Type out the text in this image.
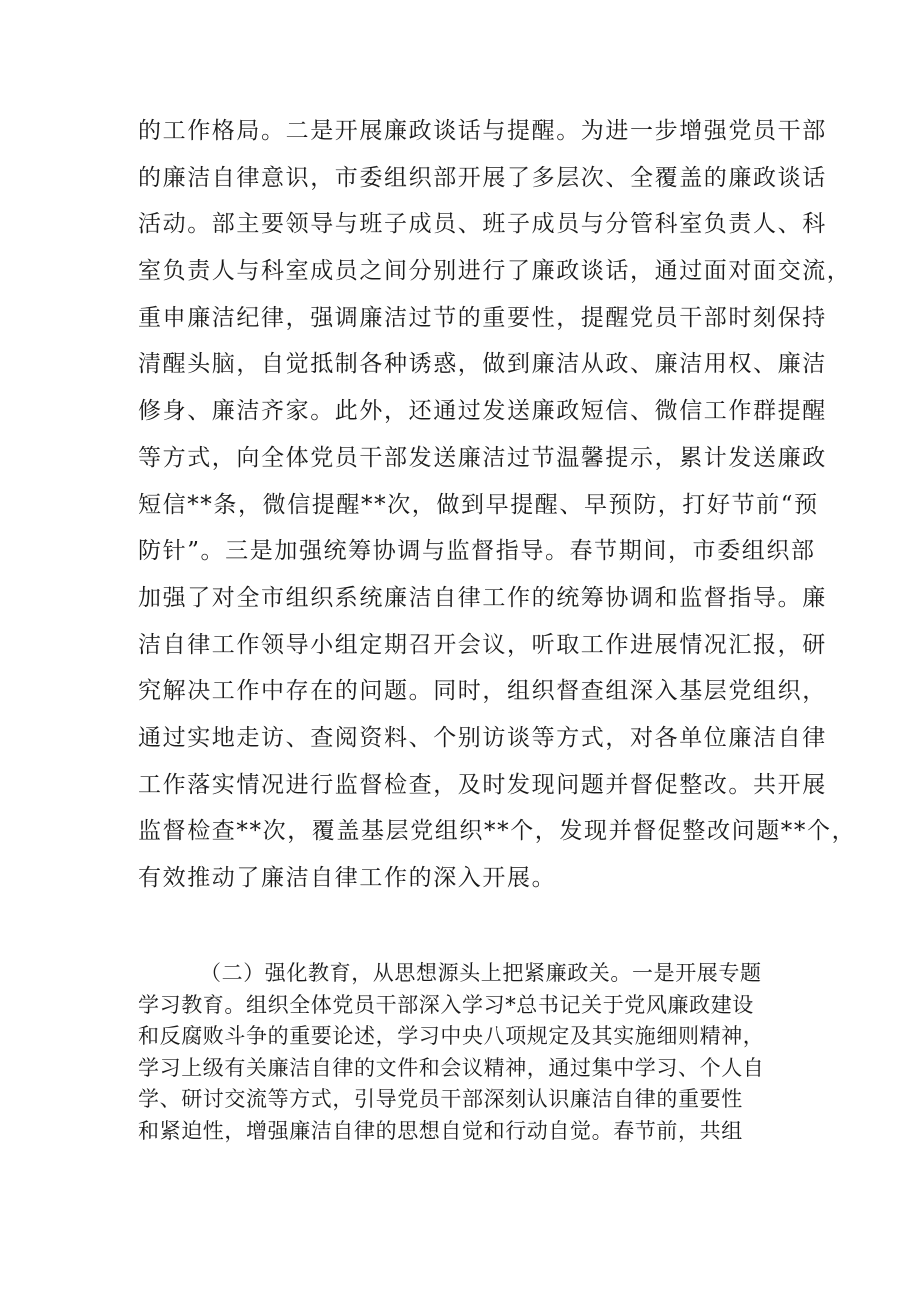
的工作格局。二是开展廉政谈话与提醒。为进一步增强党员干部
的廉洁自律意识，市委组织部开展了多层次、全覆盖的廉政谈话
活动。部主要领导与班子成员、班子成员与分管科室负责人、科
室负责人与科室成员之间分别进行了廉政谈话，通过面对面交流，
重申廉洁纪律，强调廉洁过节的重要性，提醒党员干部时刻保持
清醒头脑，自觉抵制各种诱惑，做到廉洁从政、廉洁用权、廉洁
修身、廉洁齐家。此外，还通过发送廉政短信、微信工作群提醒
等方式，向全体党员干部发送廉洁过节温馨提示，累计发送廉政
短信**条，微信提醒**次，做到早提醒、早预防，打好节前“预
防针”。三是加强统筹协调与监督指导。春节期间，市委组织部
加强了对全市组织系统廉洁自律工作的统筹协调和监督指导。廉
洁自律工作领导小组定期召开会议，听取工作进展情况汇报，研
究解决工作中存在的问题。同时，组织督查组深入基层党组织，
通过实地走访、查阅资料、个别访谈等方式，对各单位廉洁自律
工作落实情况进行监督检查，及时发现问题并督促整改。共开展
监督检查**次，覆盖基层党组织**个，发现并督促整改问题**个，
有效推动了廉洁自律工作的深入开展。
（二）强化教育，从思想源头上把紧廉政关。一是开展专题
学习教育。组织全体党员干部深入学习*总书记关于党风廉政建设
和反腐败斗争的重要论述，学习中央八项规定及其实施细则精神，
学习上级有关廉洁自律的文件和会议精神，通过集中学习、个人自
学、研讨交流等方式，引导党员干部深刻认识廉洁自律的重要性
和紧迫性，增强廉洁自律的思想自觉和行动自觉。春节前，共组
